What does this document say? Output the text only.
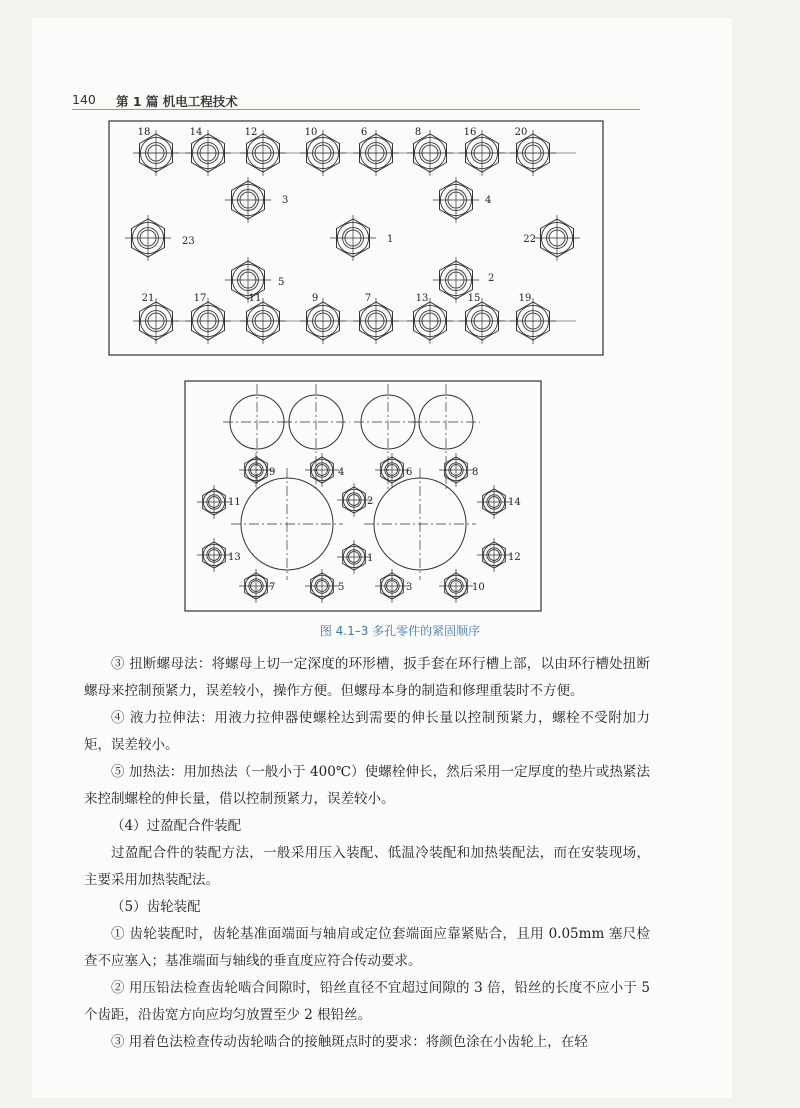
140 第 1 篇 机电工程技术
18	14	12	10	6	8	16	20
3	4
23	1	22
5	2
21	17	11	9	7	13	15	19
9	4	6	8
11	2	14
13	1	12
7	5	3	10
图 4.1–3 多孔零件的紧固顺序

③ 扭断螺母法：将螺母上切一定深度的环形槽，扳手套在环行槽上部，以由环行槽处扭断螺母来控制预紧力，误差较小，操作方便。但螺母本身的制造和修理重装时不方便。

④ 液力拉伸法：用液力拉伸器使螺栓达到需要的伸长量以控制预紧力，螺栓不受附加力矩，误差较小。

⑤ 加热法：用加热法（一般小于 400℃）使螺栓伸长，然后采用一定厚度的垫片或热紧法来控制螺栓的伸长量，借以控制预紧力，误差较小。

（4）过盈配合件装配

过盈配合件的装配方法，一般采用压入装配、低温冷装配和加热装配法，而在安装现场，主要采用加热装配法。

（5）齿轮装配

① 齿轮装配时，齿轮基准面端面与轴肩或定位套端面应靠紧贴合，且用 0.05mm 塞尺检查不应塞入；基准端面与轴线的垂直度应符合传动要求。

② 用压铅法检查齿轮啮合间隙时，铅丝直径不宜超过间隙的 3 倍，铅丝的长度不应小于 5 个齿距，沿齿宽方向应均匀放置至少 2 根铅丝。

③ 用着色法检查传动齿轮啮合的接触斑点时的要求：将颜色涂在小齿轮上，在轻
